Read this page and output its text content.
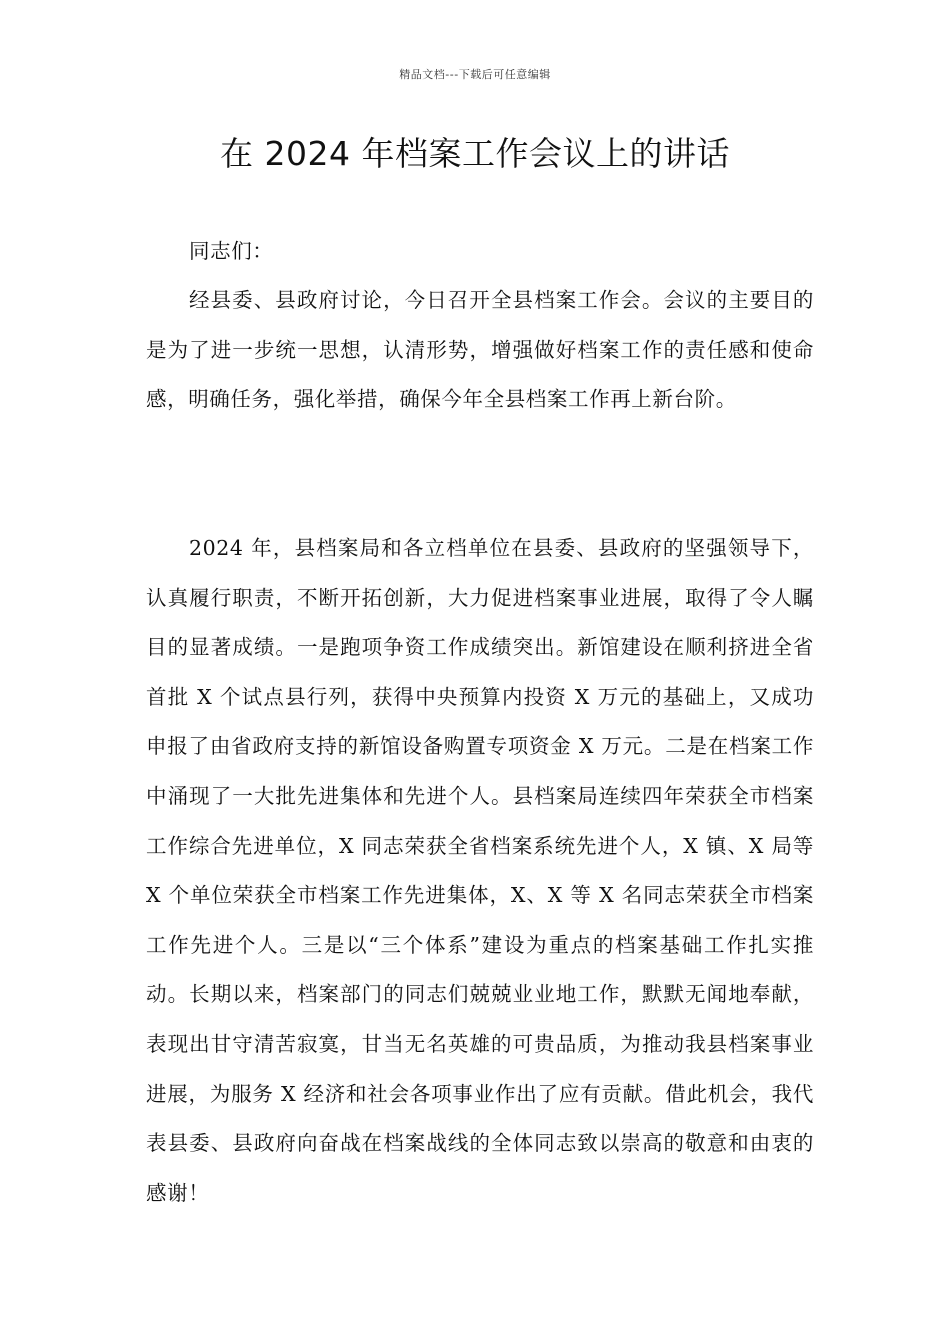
精品文档---下载后可任意编辑
在 2024 年档案工作会议上的讲话

同志们：

经县委、县政府讨论，今日召开全县档案工作会。会议的主要目的是为了进一步统一思想，认清形势，增强做好档案工作的责任感和使命感，明确任务，强化举措，确保今年全县档案工作再上新台阶。

2024 年，县档案局和各立档单位在县委、县政府的坚强领导下，认真履行职责，不断开拓创新，大力促进档案事业进展，取得了令人瞩目的显著成绩。一是跑项争资工作成绩突出。新馆建设在顺利挤进全省首批 X 个试点县行列，获得中央预算内投资 X 万元的基础上，又成功申报了由省政府支持的新馆设备购置专项资金 X 万元。二是在档案工作中涌现了一大批先进集体和先进个人。县档案局连续四年荣获全市档案工作综合先进单位，X 同志荣获全省档案系统先进个人，X 镇、X 局等 X 个单位荣获全市档案工作先进集体，X、X 等 X 名同志荣获全市档案工作先进个人。三是以“三个体系”建设为重点的档案基础工作扎实推动。长期以来，档案部门的同志们兢兢业业地工作，默默无闻地奉献，表现出甘守清苦寂寞，甘当无名英雄的可贵品质，为推动我县档案事业进展，为服务 X 经济和社会各项事业作出了应有贡献。借此机会，我代表县委、县政府向奋战在档案战线的全体同志致以崇高的敬意和由衷的感谢！
